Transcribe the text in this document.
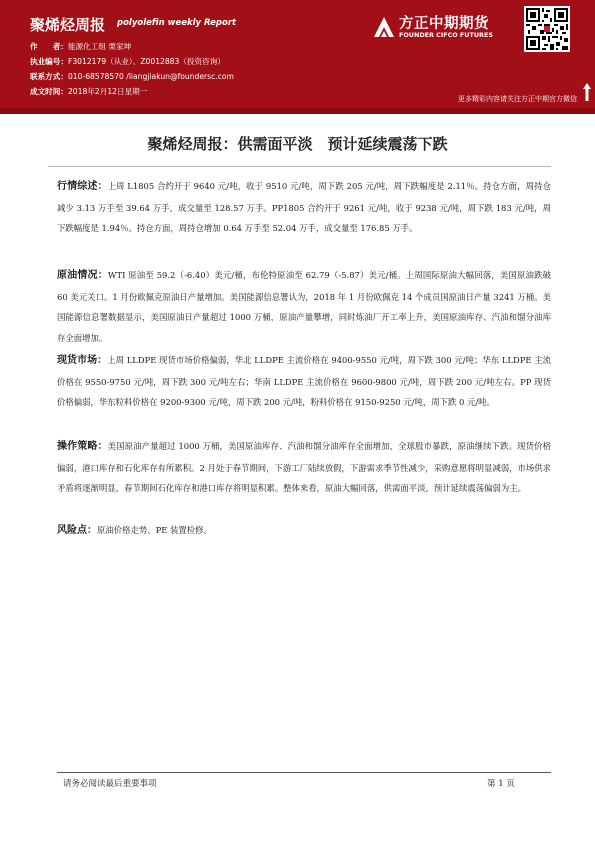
聚烯烃周报 polyolefin weekly Report
作　　者：能源化工组 栗家坤
执业编号：F3012179（从业）、Z0012883（投资咨询）
联系方式：010-68578570 /liangjiakun@foundersc.com
成文时间：2018年2月12日星期一
方正中期期货
FOUNDER CIFCO FUTURES
更多精彩内容请关注方正中期官方微信
聚烯烃周报：供需面平淡　预计延续震荡下跌
行情综述：上周 L1805 合约开于 9640 元/吨，收于 9510 元/吨，周下跌 205 元/吨，周下跌幅度是 2.11％。持仓方面，周持仓减少 3.13 万手至 39.64 万手，成交量至 128.57 万手。PP1805 合约开于 9261 元/吨，收于 9238 元/吨，周下跌 183 元/吨，周下跌幅度是 1.94％。持仓方面，周持仓增加 0.64 万手至 52.04 万手，成交量至 176.85 万手。
原油情况：WTI 原油至 59.2（-6.40）美元/桶，布伦特原油至 62.79（-5.87）美元/桶。上周国际原油大幅回落，美国原油跌破 60 美元关口。1 月份欧佩克原油日产量增加。美国能源信息署认为，2018 年 1 月份欧佩克 14 个成员国原油日产量 3241 万桶。美国能源信息署数据显示，美国原油日产量超过 1000 万桶，原油产量攀增，同时炼油厂开工率上升，美国原油库存、汽油和馏分油库存全面增加。
现货市场：上周 LLDPE 现货市场价格偏弱，华北 LLDPE 主流价格在 9400-9550 元/吨，周下跌 300 元/吨；华东 LLDPE 主流价格在 9550-9750 元/吨，周下跌 300 元/吨左右；华南 LLDPE 主流价格在 9600-9800 元/吨，周下跌 200 元/吨左右。PP 现货价格偏弱，华东粒料价格在 9200-9300 元/吨，周下跌 200 元/吨，粉料价格在 9150-9250 元/吨，周下跌 0 元/吨。
操作策略：美国原油产量超过 1000 万桶，美国原油库存、汽油和馏分油库存全面增加，全球股市暴跌，原油继续下跌。现货价格偏弱，港口库存和石化库存有所累积。2 月处于春节期间，下游工厂陆续放假，下游需求季节性减少，采购意愿将明显减弱，市场供求矛盾将逐渐明显，春节期间石化库存和港口库存将明显积累。整体来看，原油大幅回落，供需面平淡，预计延续震荡偏弱为主。
风险点：原油价格走势、PE 装置检修。
请务必阅读最后重要事项	第 1 页
